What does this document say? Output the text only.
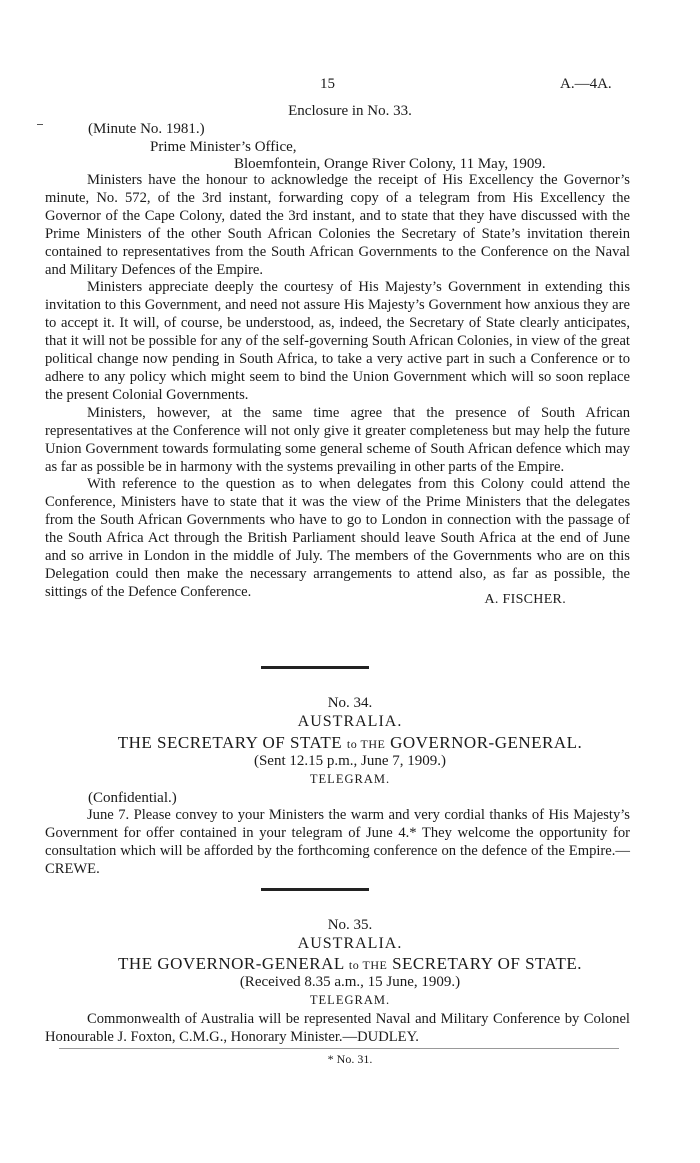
15	A.—4A.
Enclosure in No. 33.
(Minute No. 1981.)
Prime Minister’s Office,
Bloemfontein, Orange River Colony, 11 May, 1909.

Ministers have the honour to acknowledge the receipt of His Excellency the Governor’s minute, No. 572, of the 3rd instant, forwarding copy of a telegram from His Excellency the Governor of the Cape Colony, dated the 3rd instant, and to state that they have discussed with the Prime Ministers of the other South African Colonies the Secretary of State’s invitation therein contained to representatives from the South African Governments to the Conference on the Naval and Military Defences of the Empire.

Ministers appreciate deeply the courtesy of His Majesty’s Government in extending this invitation to this Government, and need not assure His Majesty’s Government how anxious they are to accept it. It will, of course, be understood, as, indeed, the Secretary of State clearly anticipates, that it will not be possible for any of the self-governing South African Colonies, in view of the great political change now pending in South Africa, to take a very active part in such a Conference or to adhere to any policy which might seem to bind the Union Government which will so soon replace the present Colonial Governments.

Ministers, however, at the same time agree that the presence of South African representatives at the Conference will not only give it greater completeness but may help the future Union Government towards formulating some general scheme of South African defence which may as far as possible be in harmony with the systems prevailing in other parts of the Empire.

With reference to the question as to when delegates from this Colony could attend the Conference, Ministers have to state that it was the view of the Prime Ministers that the delegates from the South African Governments who have to go to London in connection with the passage of the South Africa Act through the British Parliament should leave South Africa at the end of June and so arrive in London in the middle of July. The members of the Governments who are on this Delegation could then make the necessary arrangements to attend also, as far as possible, the sittings of the Defence Conference.	A. FISCHER.
No. 34.
AUSTRALIA.
THE SECRETARY OF STATE to THE GOVERNOR-GENERAL.
(Sent 12.15 p.m., June 7, 1909.)
TELEGRAM.
(Confidential.)

June 7. Please convey to your Ministers the warm and very cordial thanks of His Majesty’s Government for offer contained in your telegram of June 4.* They welcome the opportunity for consultation which will be afforded by the forthcoming conference on the defence of the Empire.—CREWE.

No. 35.
AUSTRALIA.
THE GOVERNOR-GENERAL to THE SECRETARY OF STATE.
(Received 8.35 a.m., 15 June, 1909.)
TELEGRAM.

Commonwealth of Australia will be represented Naval and Military Conference by Colonel Honourable J. Foxton, C.M.G., Honorary Minister.—DUDLEY.

* No. 31.
